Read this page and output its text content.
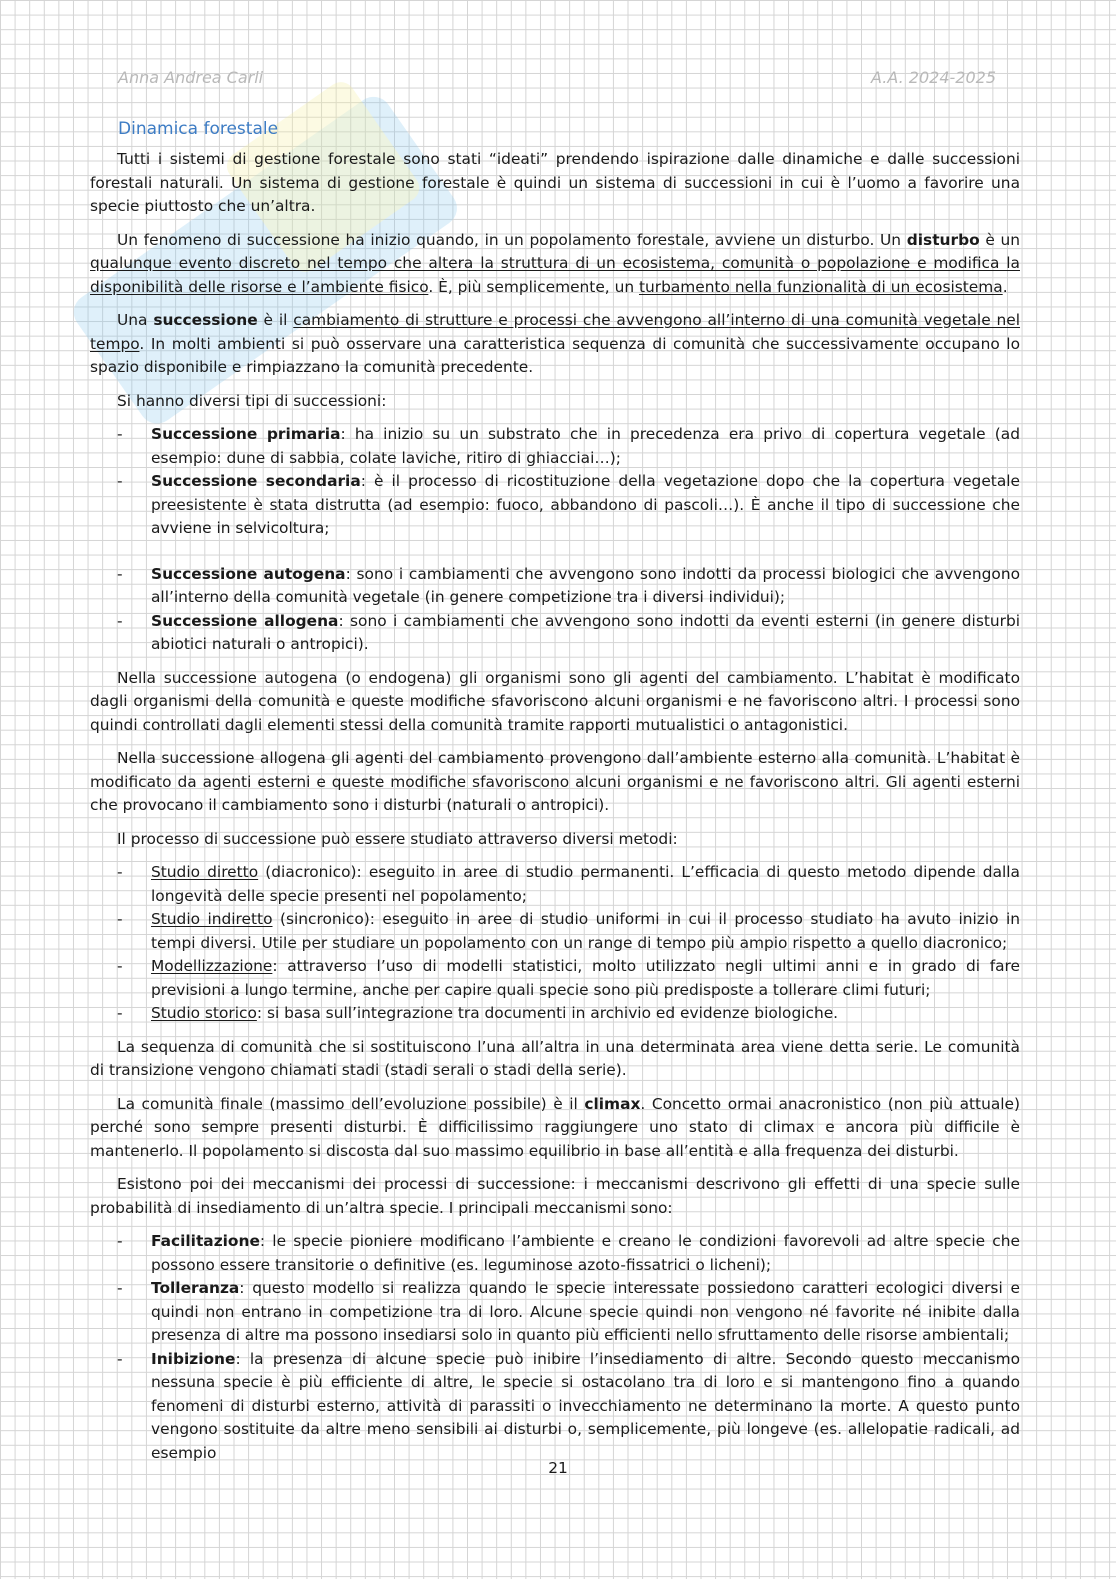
Anna Andrea Carli	A.A. 2024-2025
Dinamica forestale

Tutti i sistemi di gestione forestale sono stati “ideati” prendendo ispirazione dalle dinamiche e dalle successioni forestali naturali. Un sistema di gestione forestale è quindi un sistema di successioni in cui è l’uomo a favorire una specie piuttosto che un’altra.

Un fenomeno di successione ha inizio quando, in un popolamento forestale, avviene un disturbo. Un disturbo è un qualunque evento discreto nel tempo che altera la struttura di un ecosistema, comunità o popolazione e modifica la disponibilità delle risorse e l’ambiente fisico. È, più semplicemente, un turbamento nella funzionalità di un ecosistema.

Una successione è il cambiamento di strutture e processi che avvengono all’interno di una comunità vegetale nel tempo. In molti ambienti si può osservare una caratteristica sequenza di comunità che successivamente occupano lo spazio disponibile e rimpiazzano la comunità precedente.

Si hanno diversi tipi di successioni:

- Successione primaria: ha inizio su un substrato che in precedenza era privo di copertura vegetale (ad esempio: dune di sabbia, colate laviche, ritiro di ghiacciai…);
- Successione secondaria: è il processo di ricostituzione della vegetazione dopo che la copertura vegetale preesistente è stata distrutta (ad esempio: fuoco, abbandono di pascoli…). È anche il tipo di successione che avviene in selvicoltura;
- Successione autogena: sono i cambiamenti che avvengono sono indotti da processi biologici che avvengono all’interno della comunità vegetale (in genere competizione tra i diversi individui);
- Successione allogena: sono i cambiamenti che avvengono sono indotti da eventi esterni (in genere disturbi abiotici naturali o antropici).

Nella successione autogena (o endogena) gli organismi sono gli agenti del cambiamento. L’habitat è modificato dagli organismi della comunità e queste modifiche sfavoriscono alcuni organismi e ne favoriscono altri. I processi sono quindi controllati dagli elementi stessi della comunità tramite rapporti mutualistici o antagonistici.

Nella successione allogena gli agenti del cambiamento provengono dall’ambiente esterno alla comunità. L’habitat è modificato da agenti esterni e queste modifiche sfavoriscono alcuni organismi e ne favoriscono altri. Gli agenti esterni che provocano il cambiamento sono i disturbi (naturali o antropici).

Il processo di successione può essere studiato attraverso diversi metodi:

- Studio diretto (diacronico): eseguito in aree di studio permanenti. L’efficacia di questo metodo dipende dalla longevità delle specie presenti nel popolamento;
- Studio indiretto (sincronico): eseguito in aree di studio uniformi in cui il processo studiato ha avuto inizio in tempi diversi. Utile per studiare un popolamento con un range di tempo più ampio rispetto a quello diacronico;
- Modellizzazione: attraverso l’uso di modelli statistici, molto utilizzato negli ultimi anni e in grado di fare previsioni a lungo termine, anche per capire quali specie sono più predisposte a tollerare climi futuri;
- Studio storico: si basa sull’integrazione tra documenti in archivio ed evidenze biologiche.

La sequenza di comunità che si sostituiscono l’una all’altra in una determinata area viene detta serie. Le comunità di transizione vengono chiamati stadi (stadi serali o stadi della serie).

La comunità finale (massimo dell’evoluzione possibile) è il climax. Concetto ormai anacronistico (non più attuale) perché sono sempre presenti disturbi. È difficilissimo raggiungere uno stato di climax e ancora più difficile è mantenerlo. Il popolamento si discosta dal suo massimo equilibrio in base all’entità e alla frequenza dei disturbi.

Esistono poi dei meccanismi dei processi di successione: i meccanismi descrivono gli effetti di una specie sulle probabilità di insediamento di un’altra specie. I principali meccanismi sono:

- Facilitazione: le specie pioniere modificano l’ambiente e creano le condizioni favorevoli ad altre specie che possono essere transitorie o definitive (es. leguminose azoto-fissatrici o licheni);
- Tolleranza: questo modello si realizza quando le specie interessate possiedono caratteri ecologici diversi e quindi non entrano in competizione tra di loro. Alcune specie quindi non vengono né favorite né inibite dalla presenza di altre ma possono insediarsi solo in quanto più efficienti nello sfruttamento delle risorse ambientali;
- Inibizione: la presenza di alcune specie può inibire l’insediamento di altre. Secondo questo meccanismo nessuna specie è più efficiente di altre, le specie si ostacolano tra di loro e si mantengono fino a quando fenomeni di disturbi esterno, attività di parassiti o invecchiamento ne determinano la morte. A questo punto vengono sostituite da altre meno sensibili ai disturbi o, semplicemente, più longeve (es. allelopatie radicali, ad esempio
21
